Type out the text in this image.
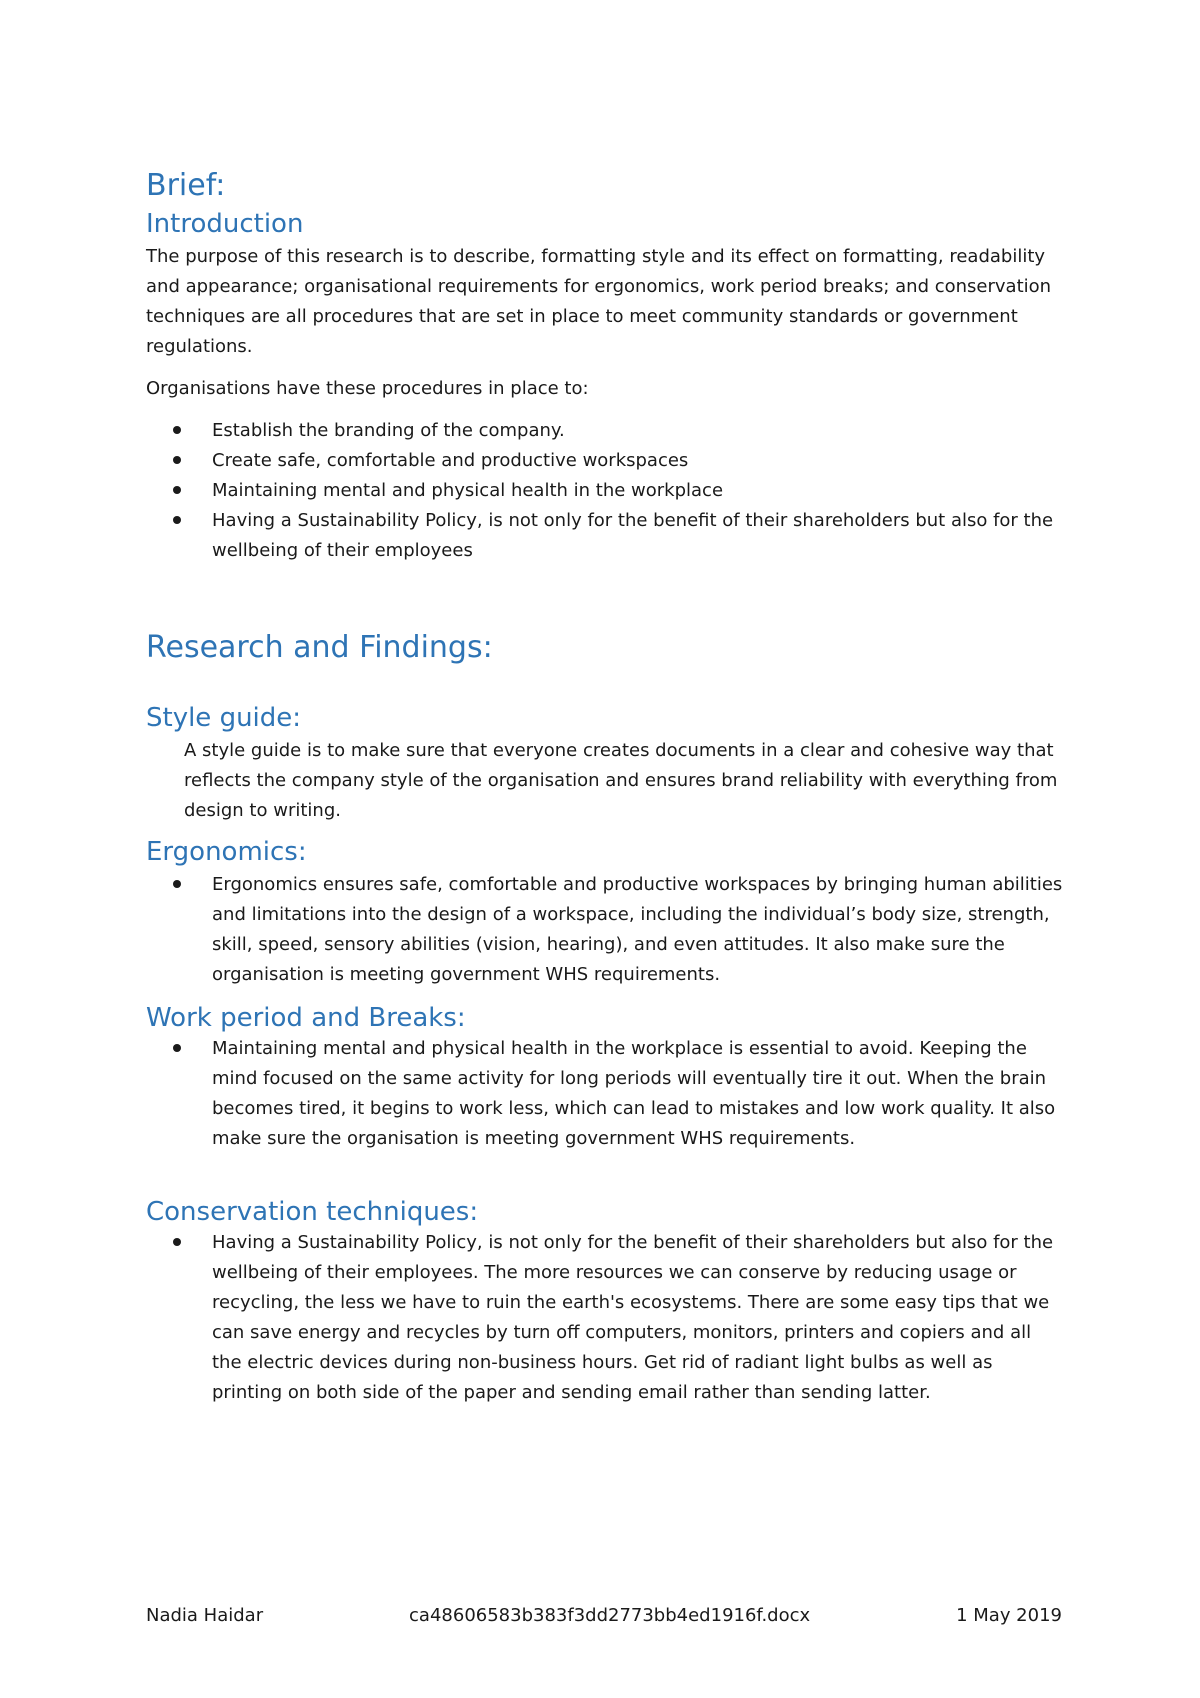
Brief:
Introduction

The purpose of this research is to describe, formatting style and its effect on formatting, readability and appearance; organisational requirements for ergonomics, work period breaks; and conservation techniques are all procedures that are set in place to meet community standards or government regulations.

Organisations have these procedures in place to:

Establish the branding of the company.
Create safe, comfortable and productive workspaces
Maintaining mental and physical health in the workplace
Having a Sustainability Policy, is not only for the benefit of their shareholders but also for the wellbeing of their employees
Research and Findings:
Style guide:

A style guide is to make sure that everyone creates documents in a clear and cohesive way that reflects the company style of the organisation and ensures brand reliability with everything from design to writing.

Ergonomics:
Ergonomics ensures safe, comfortable and productive workspaces by bringing human abilities and limitations into the design of a workspace, including the individual’s body size, strength, skill, speed, sensory abilities (vision, hearing), and even attitudes. It also make sure the organisation is meeting government WHS requirements.
Work period and Breaks:
Maintaining mental and physical health in the workplace is essential to avoid. Keeping the mind focused on the same activity for long periods will eventually tire it out. When the brain becomes tired, it begins to work less, which can lead to mistakes and low work quality. It also make sure the organisation is meeting government WHS requirements.
Conservation techniques:
Having a Sustainability Policy, is not only for the benefit of their shareholders but also for the wellbeing of their employees. The more resources we can conserve by reducing usage or recycling, the less we have to ruin the earth's ecosystems. There are some easy tips that we can save energy and recycles by turn off computers, monitors, printers and copiers and all the electric devices during non-business hours. Get rid of radiant light bulbs as well as printing on both side of the paper and sending email rather than sending latter.
Nadia Haidar	ca48606583b383f3dd2773bb4ed1916f.docx	1 May 2019
